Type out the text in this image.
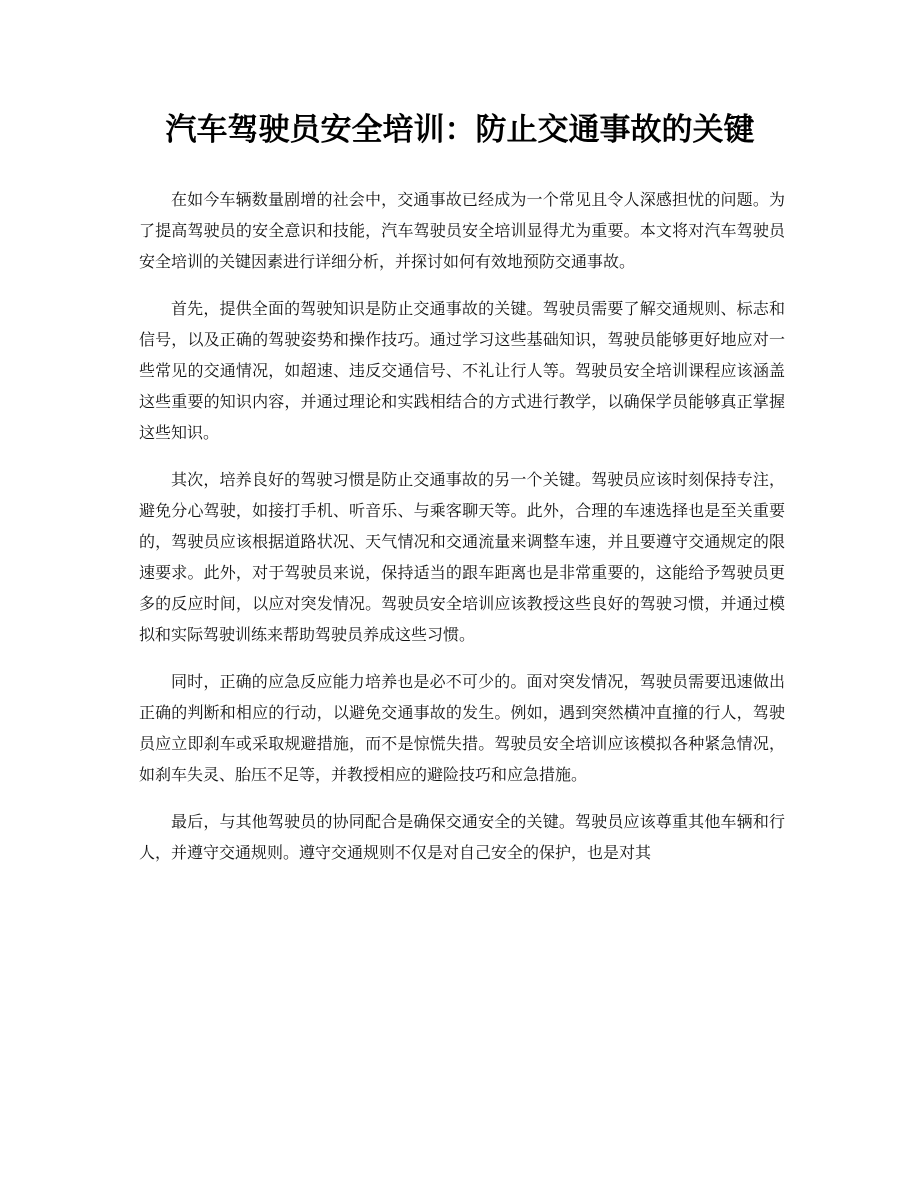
汽车驾驶员安全培训：防止交通事故的关键

在如今车辆数量剧增的社会中，交通事故已经成为一个常见且令人深感担忧的问题。为了提高驾驶员的安全意识和技能，汽车驾驶员安全培训显得尤为重要。本文将对汽车驾驶员安全培训的关键因素进行详细分析，并探讨如何有效地预防交通事故。

首先，提供全面的驾驶知识是防止交通事故的关键。驾驶员需要了解交通规则、标志和信号，以及正确的驾驶姿势和操作技巧。通过学习这些基础知识，驾驶员能够更好地应对一些常见的交通情况，如超速、违反交通信号、不礼让行人等。驾驶员安全培训课程应该涵盖这些重要的知识内容，并通过理论和实践相结合的方式进行教学，以确保学员能够真正掌握这些知识。

其次，培养良好的驾驶习惯是防止交通事故的另一个关键。驾驶员应该时刻保持专注，避免分心驾驶，如接打手机、听音乐、与乘客聊天等。此外，合理的车速选择也是至关重要的，驾驶员应该根据道路状况、天气情况和交通流量来调整车速，并且要遵守交通规定的限速要求。此外，对于驾驶员来说，保持适当的跟车距离也是非常重要的，这能给予驾驶员更多的反应时间，以应对突发情况。驾驶员安全培训应该教授这些良好的驾驶习惯，并通过模拟和实际驾驶训练来帮助驾驶员养成这些习惯。

同时，正确的应急反应能力培养也是必不可少的。面对突发情况，驾驶员需要迅速做出正确的判断和相应的行动，以避免交通事故的发生。例如，遇到突然横冲直撞的行人，驾驶员应立即刹车或采取规避措施，而不是惊慌失措。驾驶员安全培训应该模拟各种紧急情况，如刹车失灵、胎压不足等，并教授相应的避险技巧和应急措施。

最后，与其他驾驶员的协同配合是确保交通安全的关键。驾驶员应该尊重其他车辆和行人，并遵守交通规则。遵守交通规则不仅是对自己安全的保护，也是对其
